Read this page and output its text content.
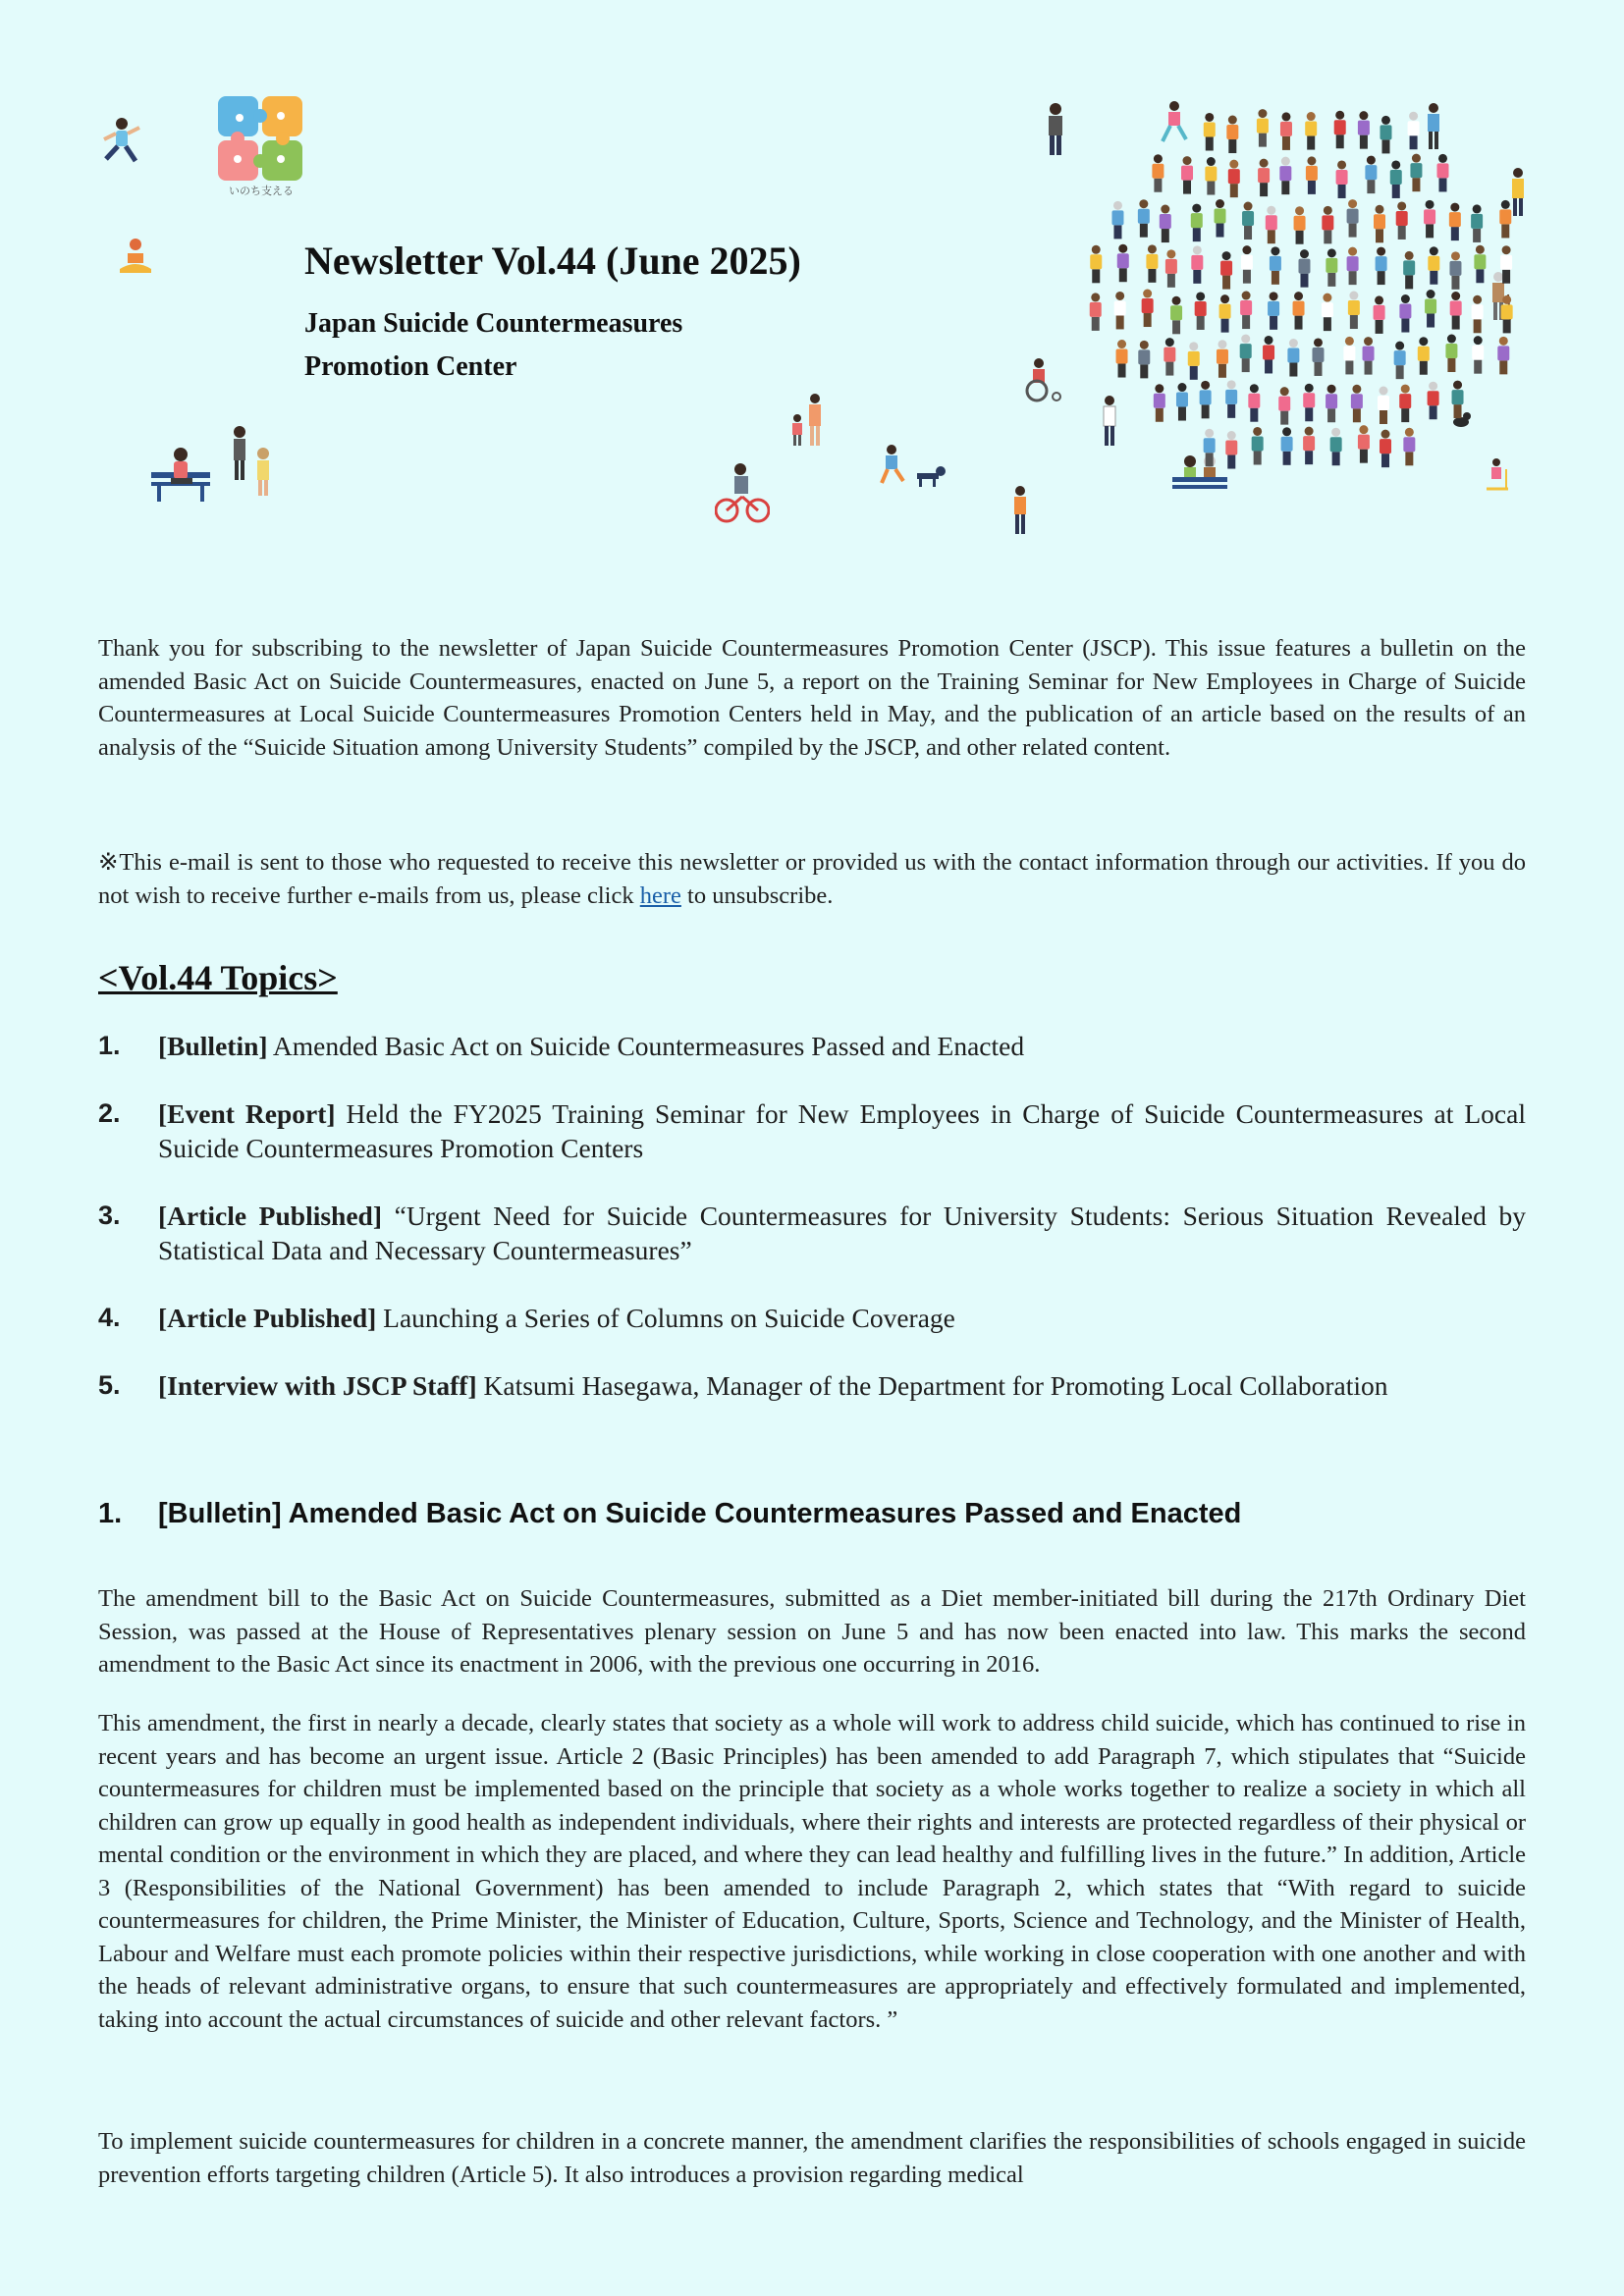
いのち支える
Newsletter Vol.44 (June 2025)
Japan Suicide Countermeasures
Promotion Center

Thank you for subscribing to the newsletter of Japan Suicide Countermeasures Promotion Center (JSCP). This issue features a bulletin on the amended Basic Act on Suicide Countermeasures, enacted on June 5, a report on the Training Seminar for New Employees in Charge of Suicide Countermeasures at Local Suicide Countermeasures Promotion Centers held in May, and the publication of an article based on the results of an analysis of the “Suicide Situation among University Students” compiled by the JSCP, and other related content.

※This e-mail is sent to those who requested to receive this newsletter or provided us with the contact information through our activities. If you do not wish to receive further e-mails from us, please click here to unsubscribe.

<Vol.44 Topics>
1. [Bulletin] Amended Basic Act on Suicide Countermeasures Passed and Enacted
2. [Event Report] Held the FY2025 Training Seminar for New Employees in Charge of Suicide Countermeasures at Local Suicide Countermeasures Promotion Centers
3. [Article Published] “Urgent Need for Suicide Countermeasures for University Students: Serious Situation Revealed by Statistical Data and Necessary Countermeasures”
4. [Article Published] Launching a Series of Columns on Suicide Coverage
5. [Interview with JSCP Staff] Katsumi Hasegawa, Manager of the Department for Promoting Local Collaboration
1. [Bulletin] Amended Basic Act on Suicide Countermeasures Passed and Enacted

The amendment bill to the Basic Act on Suicide Countermeasures, submitted as a Diet member-initiated bill during the 217th Ordinary Diet Session, was passed at the House of Representatives plenary session on June 5 and has now been enacted into law. This marks the second amendment to the Basic Act since its enactment in 2006, with the previous one occurring in 2016.

This amendment, the first in nearly a decade, clearly states that society as a whole will work to address child suicide, which has continued to rise in recent years and has become an urgent issue. Article 2 (Basic Principles) has been amended to add Paragraph 7, which stipulates that “Suicide countermeasures for children must be implemented based on the principle that society as a whole works together to realize a society in which all children can grow up equally in good health as independent individuals, where their rights and interests are protected regardless of their physical or mental condition or the environment in which they are placed, and where they can lead healthy and fulfilling lives in the future.” In addition, Article 3 (Responsibilities of the National Government) has been amended to include Paragraph 2, which states that “With regard to suicide countermeasures for children, the Prime Minister, the Minister of Education, Culture, Sports, Science and Technology, and the Minister of Health, Labour and Welfare must each promote policies within their respective jurisdictions, while working in close cooperation with one another and with the heads of relevant administrative organs, to ensure that such countermeasures are appropriately and effectively formulated and implemented, taking into account the actual circumstances of suicide and other relevant factors. ”

To implement suicide countermeasures for children in a concrete manner, the amendment clarifies the responsibilities of schools engaged in suicide prevention efforts targeting children (Article 5). It also introduces a provision regarding medical
